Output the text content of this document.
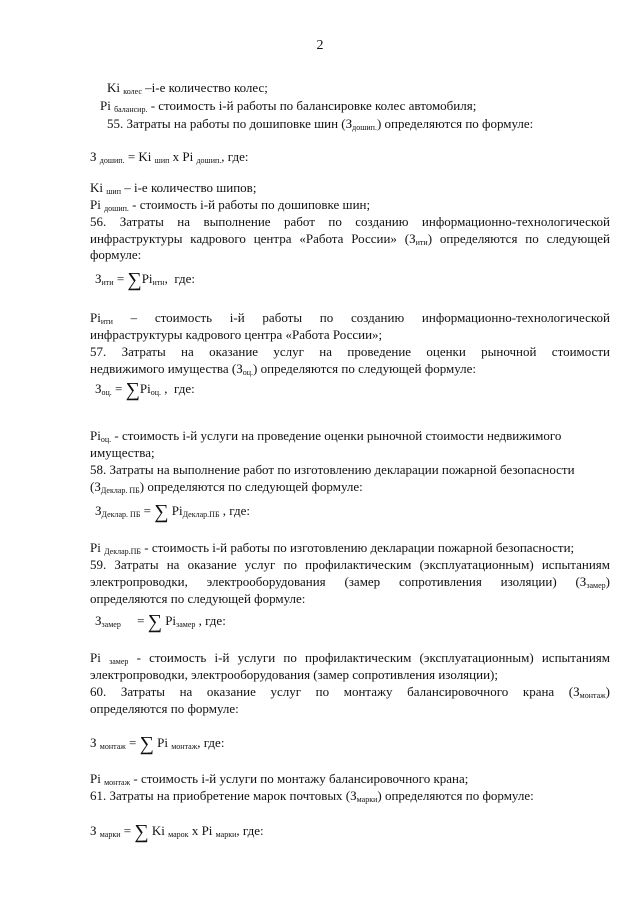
2
Ki $_{колес}$ –i-е количество колес;
Pi $_{балансир.}$ - стоимость i-й работы по балансировке колес автомобиля;
55. Затраты на работы по дошиповке шин $(З_{дошип.})$ определяются по формуле:
З $_{дошип.}$ = Ki $_{шип}$ х Pi $_{дошип.}$, где:
Ki $_{шип}$ – i-е количество шипов;
Pi $_{дошип.}$ - стоимость i-й работы по дошиповке шин;
56. Затраты на выполнение работ по созданию информационно-технологической
инфраструктуры кадрового центра «Работа России» $(З_{ити})$ определяются по следующей
формуле:
$З_{ити} = \sum Pi_{итн}$,  где:
$Pi_{ити}$ – стоимость i-й работы по созданию информационно-технологической
инфраструктуры кадрового центра «Работа России»;
57. Затраты на оказание услуг на проведение оценки рыночной стоимости
недвижимого имущества $(З_{оц.})$ определяются по следующей формуле:
$З_{оц.} = \sum Pi_{оц.}$ ,  где:
$Pi_{оц.}$ - стоимость i-й услуги на проведение оценки рыночной стоимости недвижимого
имущества;
58. Затраты на выполнение работ по изготовлению декларации пожарной безопасности
$(З_{Деклар. ПБ})$ определяются по следующей формуле:
$З_{Деклар. ПБ}$ = ∑ $Pi_{Деклар.ПБ}$ , где:
Pi $_{Деклар.ПБ}$ - стоимость i-й работы по изготовлению декларации пожарной безопасности;
59. Затраты на оказание услуг по профилактическим (эксплуатационным) испытаниям
электропроводки, электрооборудования (замер сопротивления изоляции) $(З_{замер})$
определяются по следующей формуле:
$З_{замер}$     = ∑ $Pi_{замер}$ , где:
Pi $_{замер}$ - стоимость i-й услуги по профилактическим (эксплуатационным) испытаниям
электропроводки, электрооборудования (замер сопротивления изоляции);
60. Затраты на оказание услуг по монтажу балансировочного крана $(З_{монтаж})$
определяются по формуле:
З $_{монтаж}$ = ∑ Pi $_{монтаж}$, где:
Pi $_{монтаж}$ - стоимость i-й услуги по монтажу балансировочного крана;
61. Затраты на приобретение марок почтовых $(З_{марки})$ определяются по формуле:
З $_{марки}$ = ∑ Ki $_{марок}$ х Pi $_{марки}$, где:
